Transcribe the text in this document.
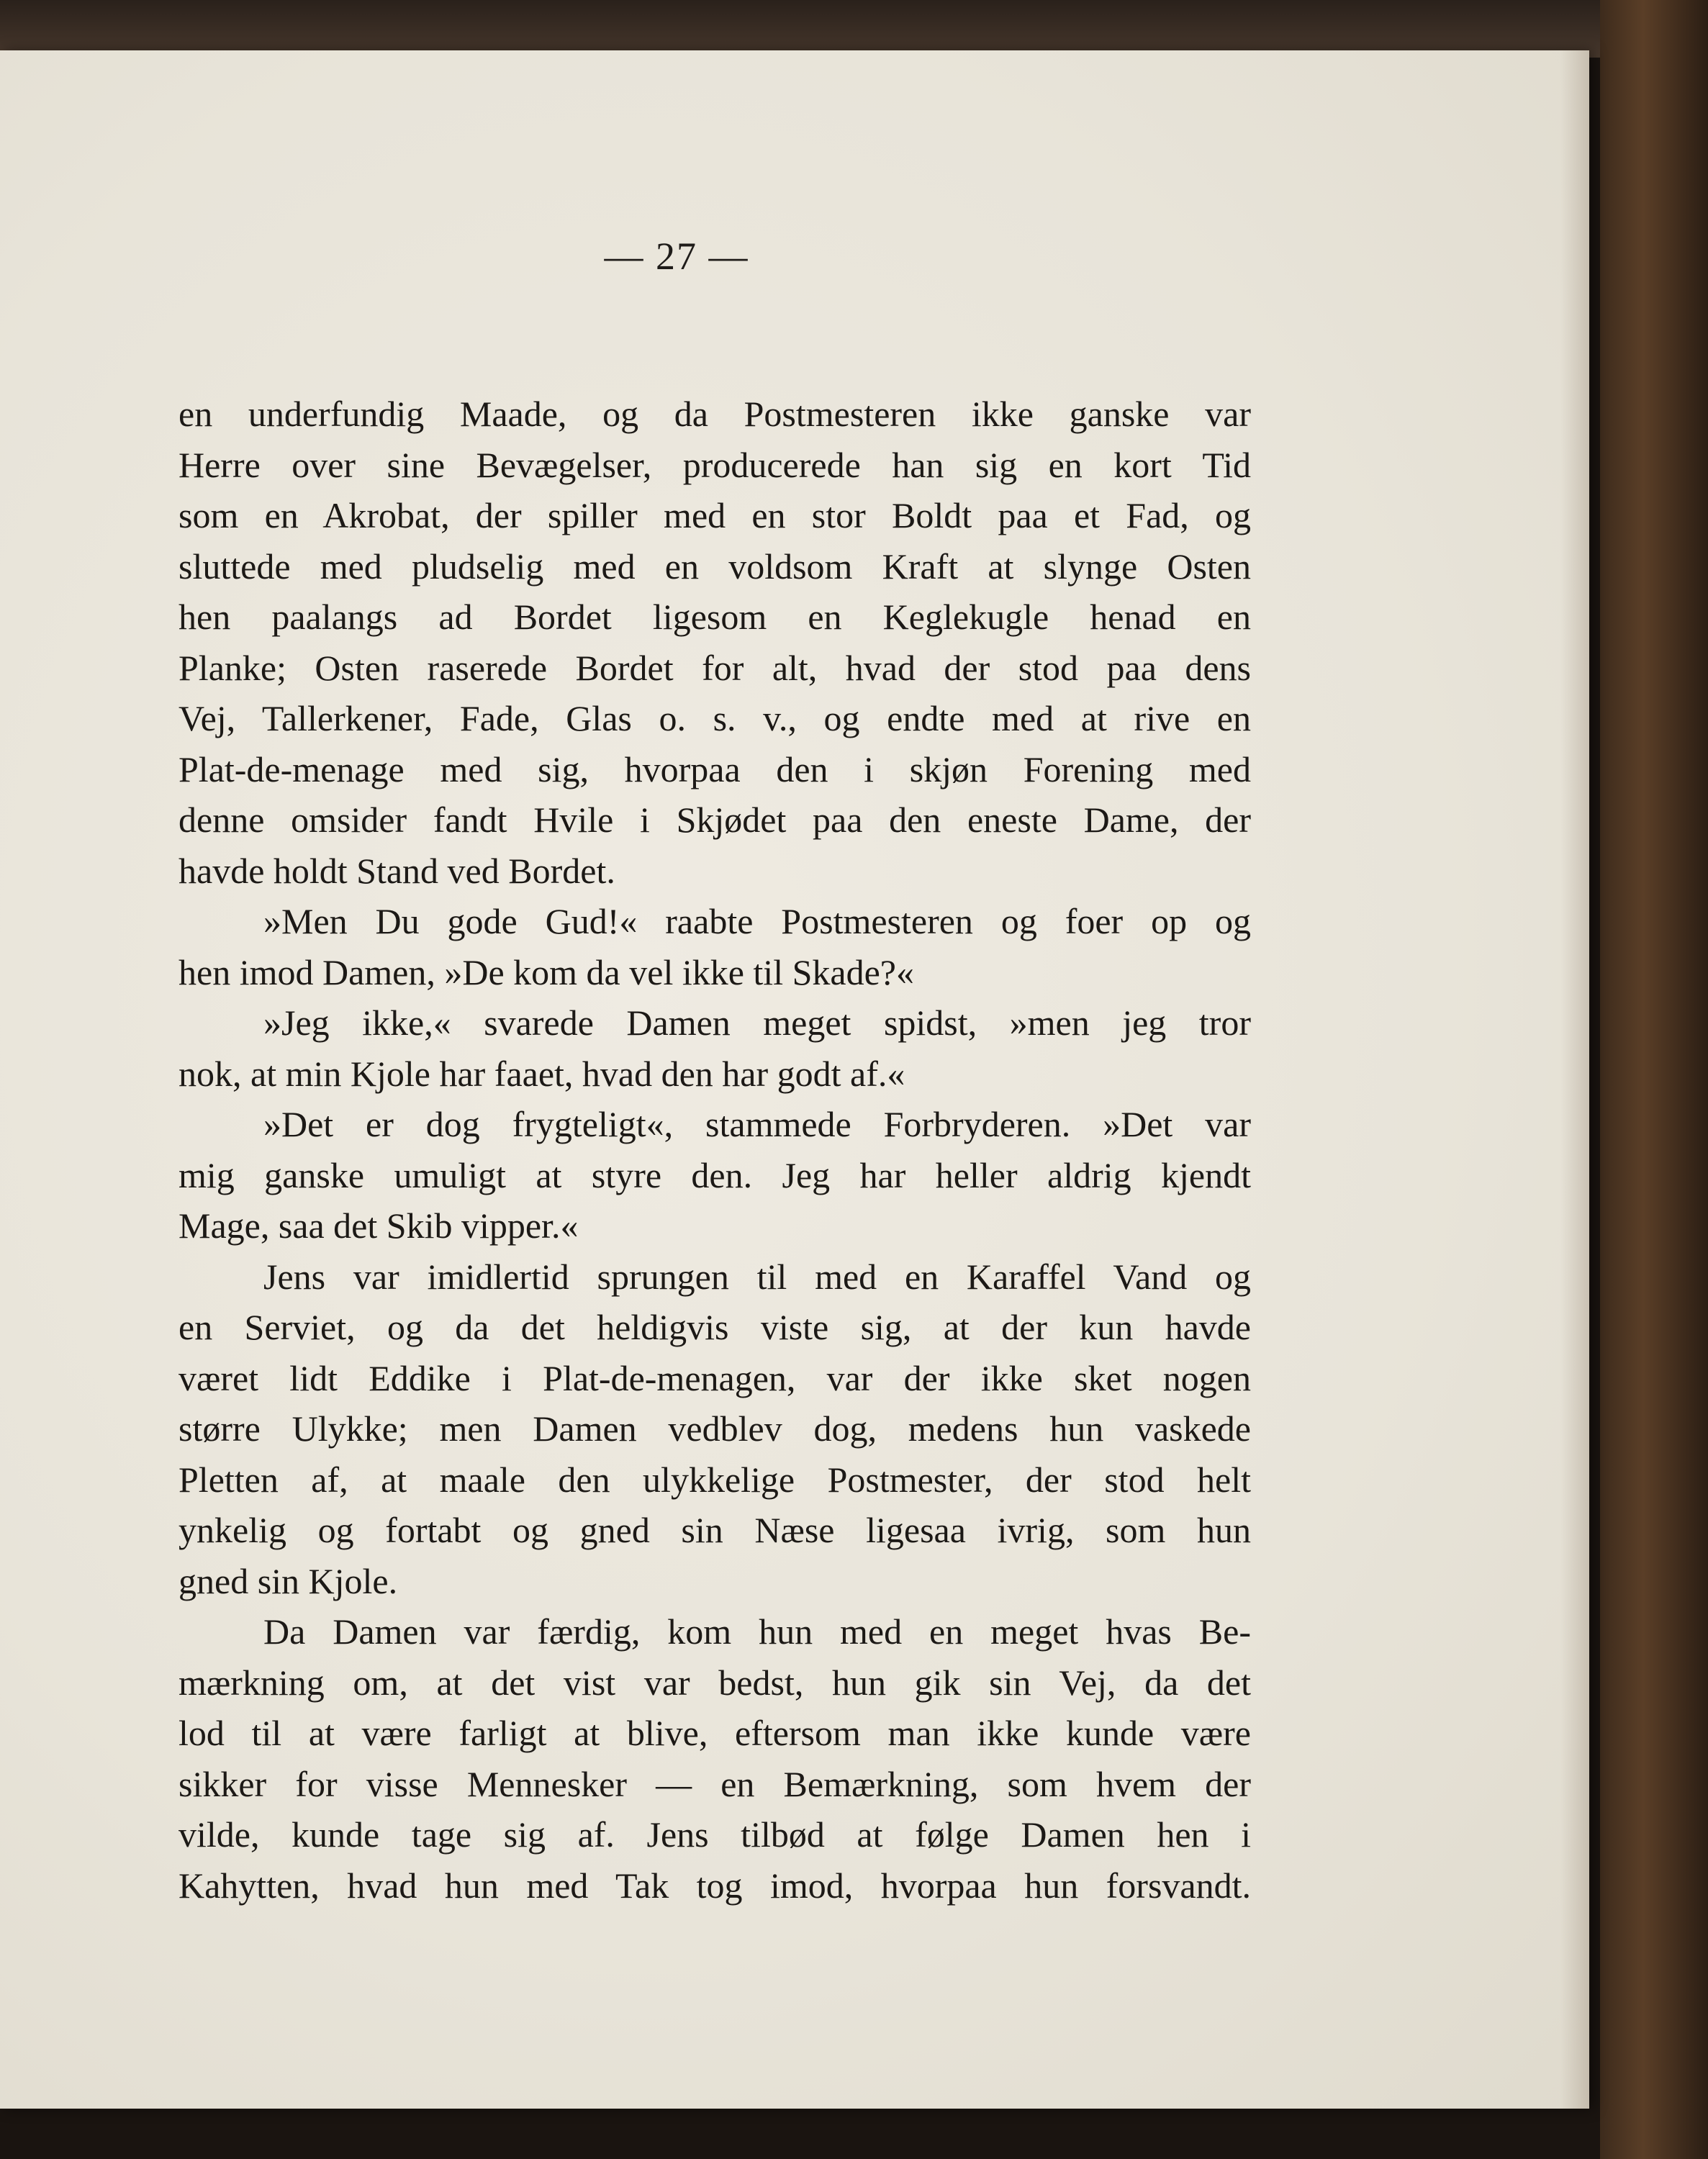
— 27 —
en underfundig Maade, og da Postmesteren ikke ganske var
Herre over sine Bevægelser, producerede han sig en kort Tid
som en Akrobat, der spiller med en stor Boldt paa et Fad, og
sluttede med pludselig med en voldsom Kraft at slynge Osten
hen paalangs ad Bordet ligesom en Keglekugle henad en
Planke; Osten raserede Bordet for alt, hvad der stod paa dens
Vej, Tallerkener, Fade, Glas o. s. v., og endte med at rive en
Plat-de-menage med sig, hvorpaa den i skjøn Forening med
denne omsider fandt Hvile i Skjødet paa den eneste Dame, der
havde holdt Stand ved Bordet.
»Men Du gode Gud!« raabte Postmesteren og foer op og
hen imod Damen, »De kom da vel ikke til Skade?«
»Jeg ikke,« svarede Damen meget spidst, »men jeg tror
nok, at min Kjole har faaet, hvad den har godt af.«
»Det er dog frygteligt«, stammede Forbryderen. »Det var
mig ganske umuligt at styre den. Jeg har heller aldrig kjendt
Mage, saa det Skib vipper.«
Jens var imidlertid sprungen til med en Karaffel Vand og
en Serviet, og da det heldigvis viste sig, at der kun havde
været lidt Eddike i Plat-de-menagen, var der ikke sket nogen
større Ulykke; men Damen vedblev dog, medens hun vaskede
Pletten af, at maale den ulykkelige Postmester, der stod helt
ynkelig og fortabt og gned sin Næse ligesaa ivrig, som hun
gned sin Kjole.
Da Damen var færdig, kom hun med en meget hvas Be-
mærkning om, at det vist var bedst, hun gik sin Vej, da det
lod til at være farligt at blive, eftersom man ikke kunde være
sikker for visse Mennesker — en Bemærkning, som hvem der
vilde, kunde tage sig af. Jens tilbød at følge Damen hen i
Kahytten, hvad hun med Tak tog imod, hvorpaa hun forsvandt.
